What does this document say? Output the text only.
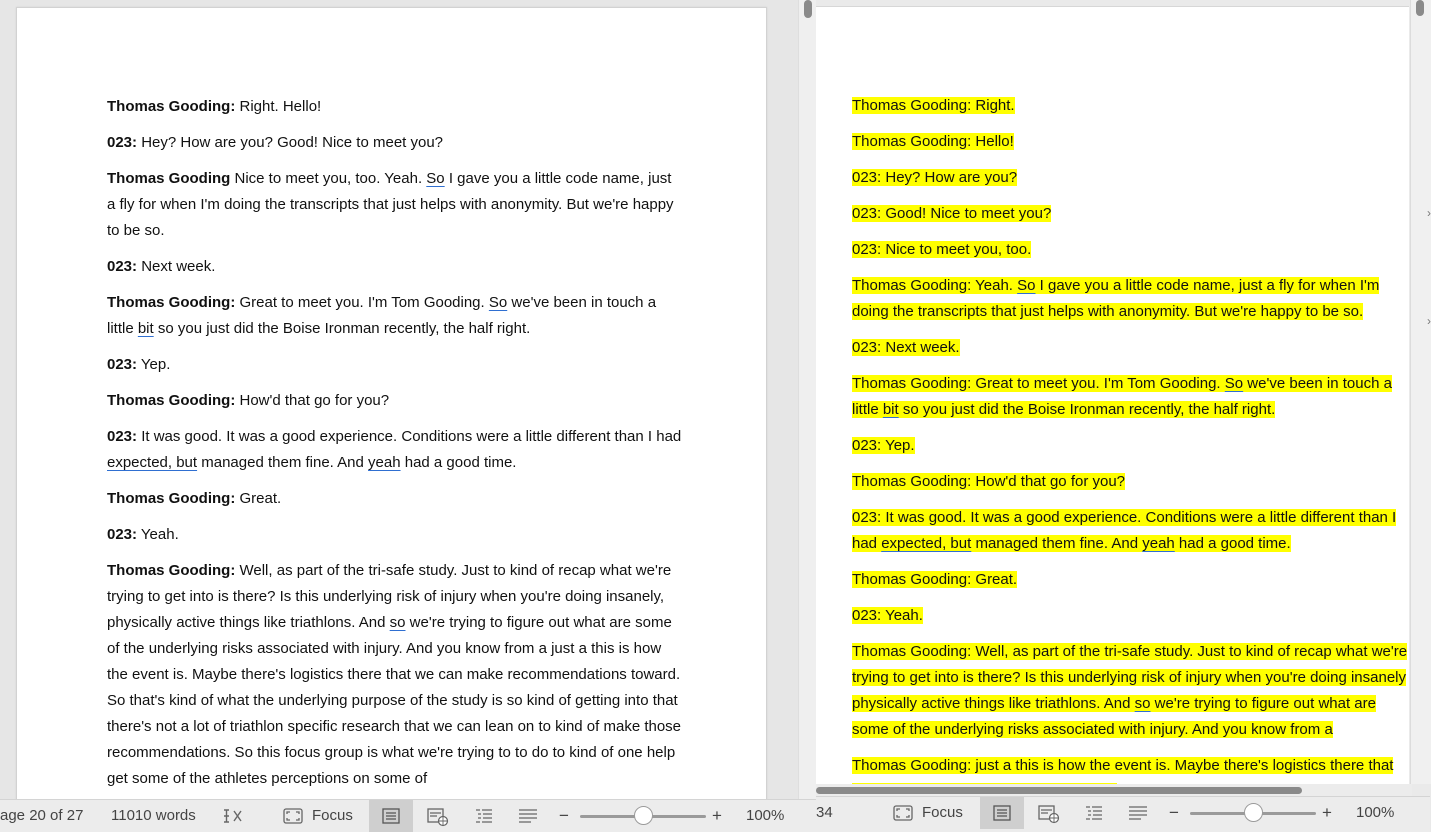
Thomas Gooding: Right. Hello!

023: Hey? How are you? Good! Nice to meet you?

Thomas Gooding Nice to meet you, too. Yeah. So I gave you a little code name, just a fly for when I'm doing the transcripts that just helps with anonymity. But we're happy to be so.

023: Next week.

Thomas Gooding: Great to meet you. I'm Tom Gooding. So we've been in touch a little bit so you just did the Boise Ironman recently, the half right.

023: Yep.

Thomas Gooding: How'd that go for you?

023: It was good. It was a good experience. Conditions were a little different than I had expected, but managed them fine. And yeah had a good time.

Thomas Gooding: Great.

023: Yeah.

Thomas Gooding: Well, as part of the tri-safe study. Just to kind of recap what we're trying to get into is there? Is this underlying risk of injury when you're doing insanely, physically active things like triathlons. And so we're trying to figure out what are some of the underlying risks associated with injury. And you know from a just a this is how the event is. Maybe there's logistics there that we can make recommendations toward. So that's kind of what the underlying purpose of the study is so kind of getting into that there's not a lot of triathlon specific research that we can lean on to kind of make those recommendations. So this focus group is what we're trying to to do to kind of one help get some of the athletes perceptions on some of

age 20 of 27 11010 words	Focus	−	+ 100%

Thomas Gooding: Right.

Thomas Gooding: Hello!

023: Hey? How are you?

023: Good! Nice to meet you?

023: Nice to meet you, too.

Thomas Gooding: Yeah. So I gave you a little code name, just a fly for when I'm doing the transcripts that just helps with anonymity. But we're happy to be so.

023: Next week.

Thomas Gooding: Great to meet you. I'm Tom Gooding. So we've been in touch a little bit so you just did the Boise Ironman recently, the half right.

023: Yep.

Thomas Gooding: How'd that go for you?

023: It was good. It was a good experience. Conditions were a little different than I had expected, but managed them fine. And yeah had a good time.

Thomas Gooding: Great.

023: Yeah.

Thomas Gooding: Well, as part of the tri-safe study. Just to kind of recap what we're trying to get into is there? Is this underlying risk of injury when you're doing insanely physically active things like triathlons. And so we're trying to figure out what are some of the underlying risks associated with injury. And you know from a

Thomas Gooding: just a this is how the event is. Maybe there's logistics there that

›
›
34	Focus	−	+ 100%
